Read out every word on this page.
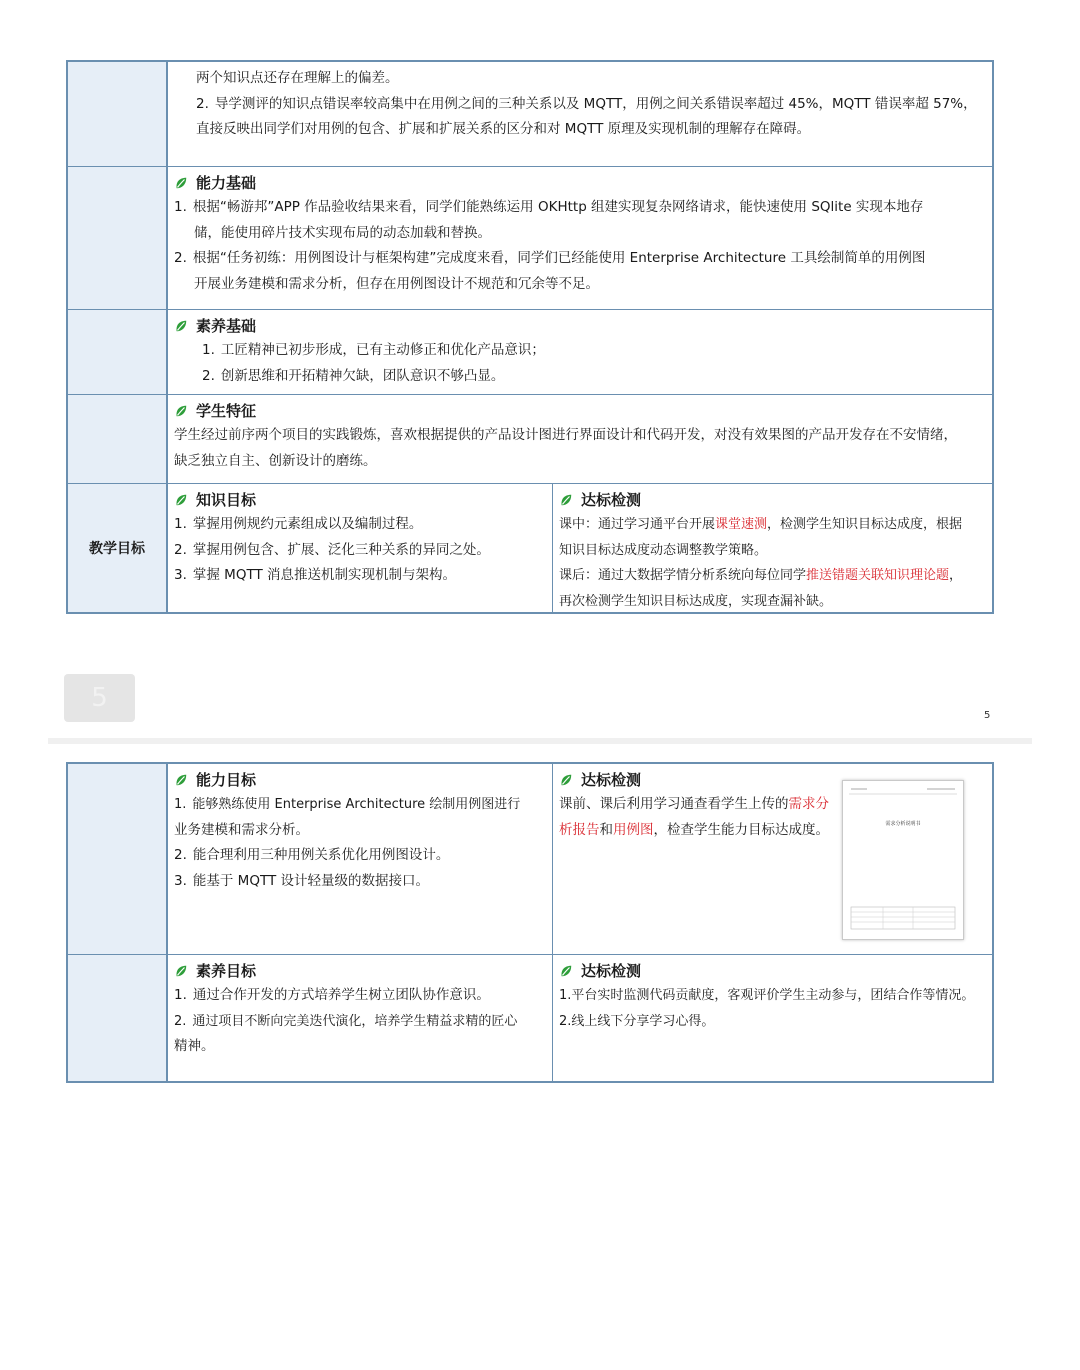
两个知识点还存在理解上的偏差。
2. 导学测评的知识点错误率较高集中在用例之间的三种关系以及 MQTT，用例之间关系错误率超过 45%，MQTT 错误率超 57%，
直接反映出同学们对用例的包含、扩展和扩展关系的区分和对 MQTT 原理及实现机制的理解存在障碍。
能力基础
1. 根据“畅游邦”APP 作品验收结果来看，同学们能熟练运用 OKHttp 组建实现复杂网络请求，能快速使用 SQlite 实现本地存
储，能使用碎片技术实现布局的动态加载和替换。
2. 根据“任务初练：用例图设计与框架构建”完成度来看，同学们已经能使用 Enterprise Architecture 工具绘制简单的用例图
开展业务建模和需求分析，但存在用例图设计不规范和冗余等不足。
素养基础
1. 工匠精神已初步形成，已有主动修正和优化产品意识；
2. 创新思维和开拓精神欠缺，团队意识不够凸显。
学生特征
学生经过前序两个项目的实践锻炼，喜欢根据提供的产品设计图进行界面设计和代码开发，对没有效果图的产品开发存在不安情绪，
缺乏独立自主、创新设计的磨练。
教学目标
知识目标
1. 掌握用例规约元素组成以及编制过程。
2. 掌握用例包含、扩展、泛化三种关系的异同之处。
3. 掌握 MQTT 消息推送机制实现机制与架构。
达标检测
课中：通过学习通平台开展课堂速测，检测学生知识目标达成度，根据
知识目标达成度动态调整教学策略。
课后：通过大数据学情分析系统向每位同学推送错题关联知识理论题，
再次检测学生知识目标达成度，实现查漏补缺。
5
5
能力目标
1. 能够熟练使用 Enterprise Architecture 绘制用例图进行
业务建模和需求分析。
2. 能合理利用三种用例关系优化用例图设计。
3. 能基于 MQTT 设计轻量级的数据接口。
达标检测
课前、课后利用学习通查看学生上传的需求分
析报告和用例图，检查学生能力目标达成度。	需求分析说明书
素养目标
1. 通过合作开发的方式培养学生树立团队协作意识。
2. 通过项目不断向完美迭代演化，培养学生精益求精的匠心
精神。
达标检测
1.平台实时监测代码贡献度，客观评价学生主动参与，团结合作等情况。
2.线上线下分享学习心得。
